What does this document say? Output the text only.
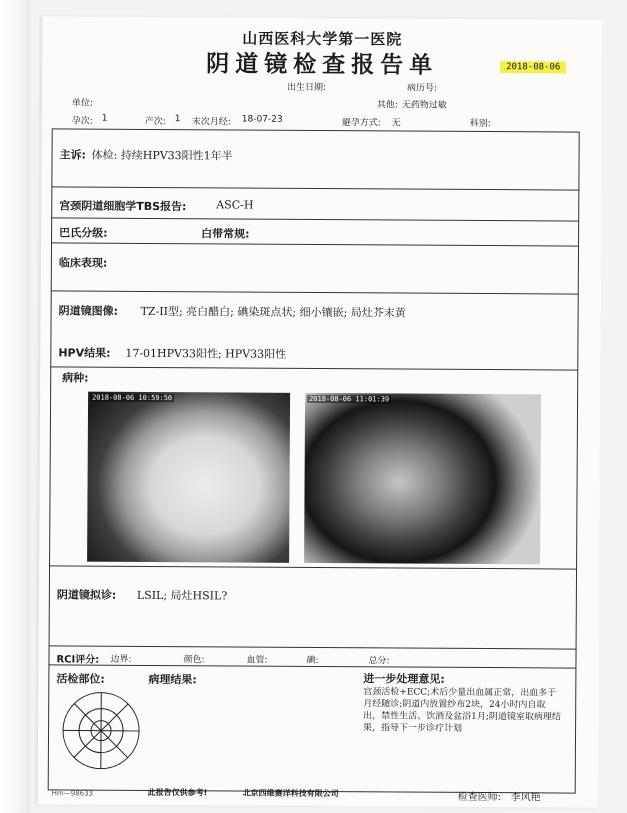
山西医科大学第一医院
阴道镜检查报告单	2018-08-06
出生日期:	病历号:
单位:	其他: 无药物过敏
孕次: 1	产次: 1 末次月经: 18-07-23	避孕方式: 无	科别:
主诉: 体检: 持续HPV33阳性1年半
宫颈阴道细胞学TBS报告:	ASC-H
巴氏分级:	白带常规:
临床表现:
阴道镜图像: TZ-II型; 亮白醋白; 碘染斑点状; 细小镶嵌; 局灶芥末黄
HPV结果: 17-01HPV33阳性; HPV33阳性
病种:
2018-08-06 10:59:50	2018-08-06 11:01:39
阴道镜拟诊: LSIL; 局灶HSIL?
RCI评分: 边界:	颜色:	血管:	碘:	总分:
活检部位:	病理结果:	进一步处理意见:
宫颈活检+ECC;术后少量出血属正常，出血多于月经随诊;阴道内放置纱布2块，24小时内自取出，禁性生活、饮酒及盆浴1月;阴道镜室取病理结果，指导下一步诊疗计划
Hm—98633	此报告仅供参考!	北京四维赛洋科技有限公司	检查医师: 李风艳
